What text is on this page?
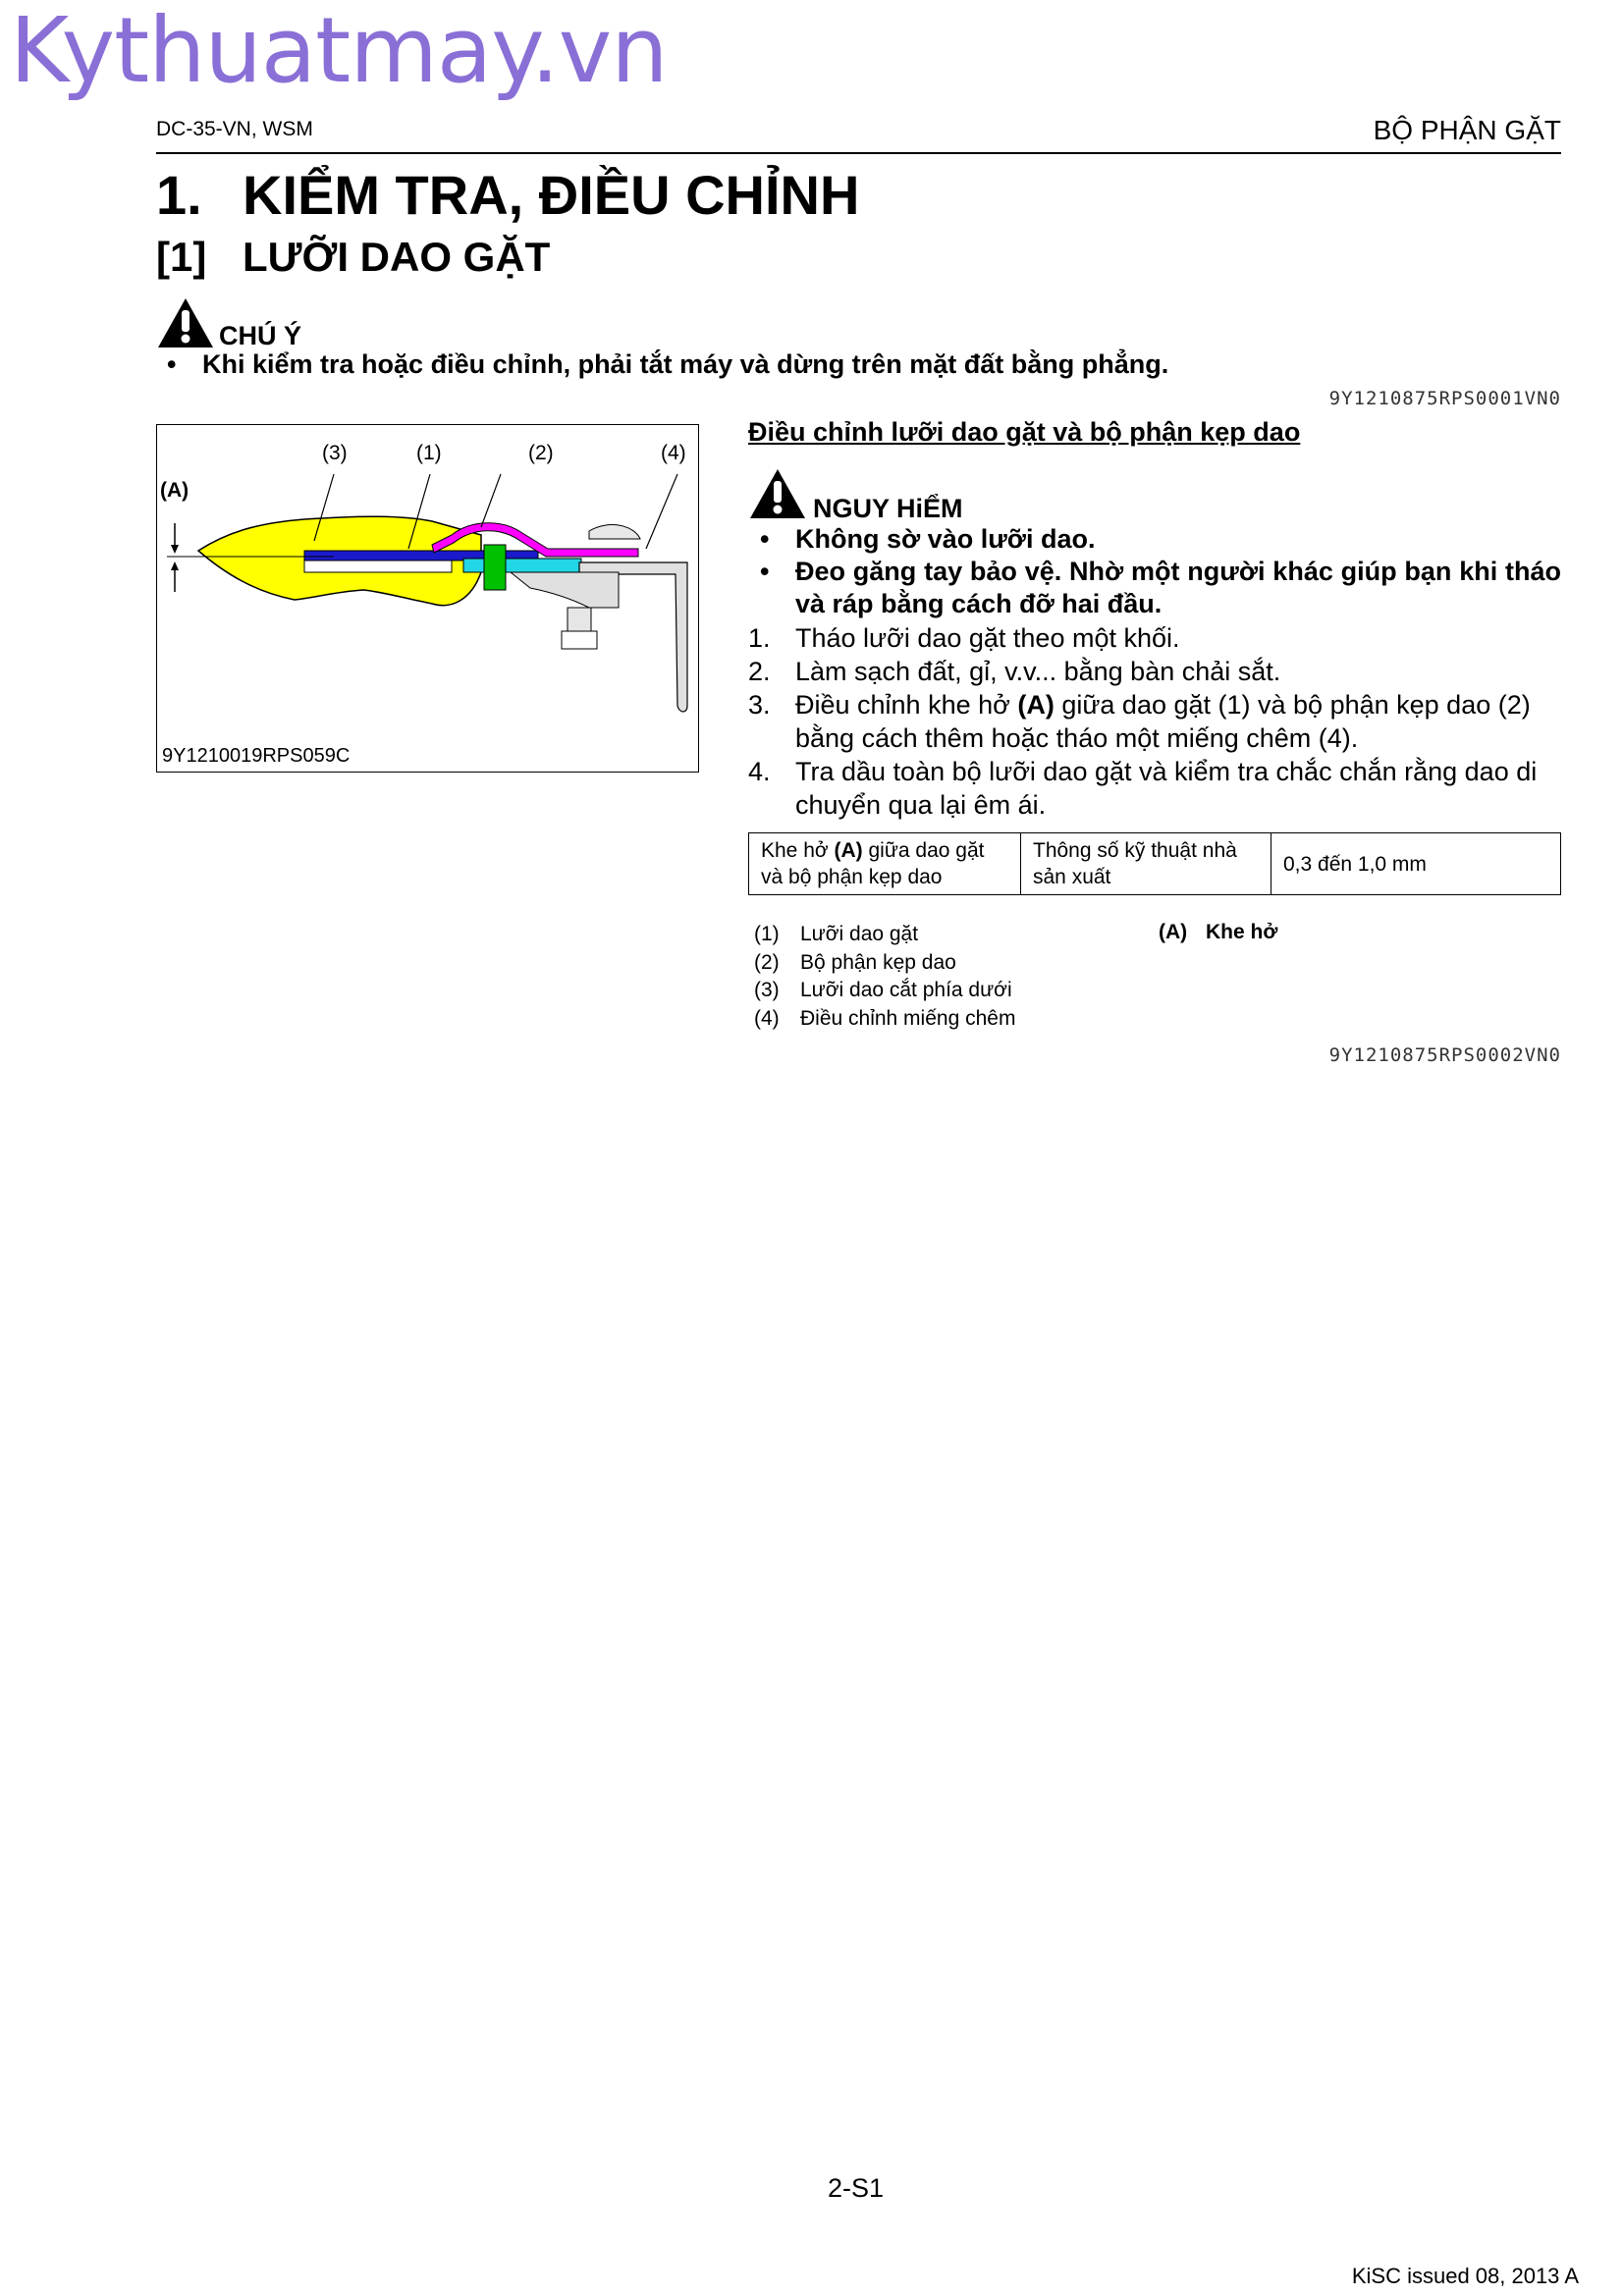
Kythuatmay.vn
DC-35-VN, WSM	BỘ PHẬN GẶT
1. KIỂM TRA, ĐIỀU CHỈNH
[1] LƯỠI DAO GẶT
CHÚ Ý
• Khi kiểm tra hoặc điều chỉnh, phải tắt máy và dừng trên mặt đất bằng phẳng.
9Y1210875RPS0001VN0
Điều chỉnh lưỡi dao gặt và bộ phận kẹp dao
(A)
(3)	(1)	(2)	(4)
9Y1210019RPS059C
NGUY HiỂM
• Không sờ vào lưỡi dao.
• Đeo găng tay bảo vệ. Nhờ một người khác giúp bạn khi tháo và ráp bằng cách đỡ hai đầu.
1. Tháo lưỡi dao gặt theo một khối.
2. Làm sạch đất, gỉ, v.v... bằng bàn chải sắt.
3. Điều chỉnh khe hở (A) giữa dao gặt (1) và bộ phận kẹp dao (2) bằng cách thêm hoặc tháo một miếng chêm (4).
4. Tra dầu toàn bộ lưỡi dao gặt và kiểm tra chắc chắn rằng dao di chuyển qua lại êm ái.
Khe hở (A) giữa dao gặt và bộ phận kẹp dao	Thông số kỹ thuật nhà sản xuất	0,3 đến 1,0 mm
(1)	Lưỡi dao gặt
(2)	Bộ phận kẹp dao
(3)	Lưỡi dao cắt phía dưới
(4)	Điều chỉnh miếng chêm
(A) Khe hở
9Y1210875RPS0002VN0
2-S1
KiSC issued 08, 2013 A
